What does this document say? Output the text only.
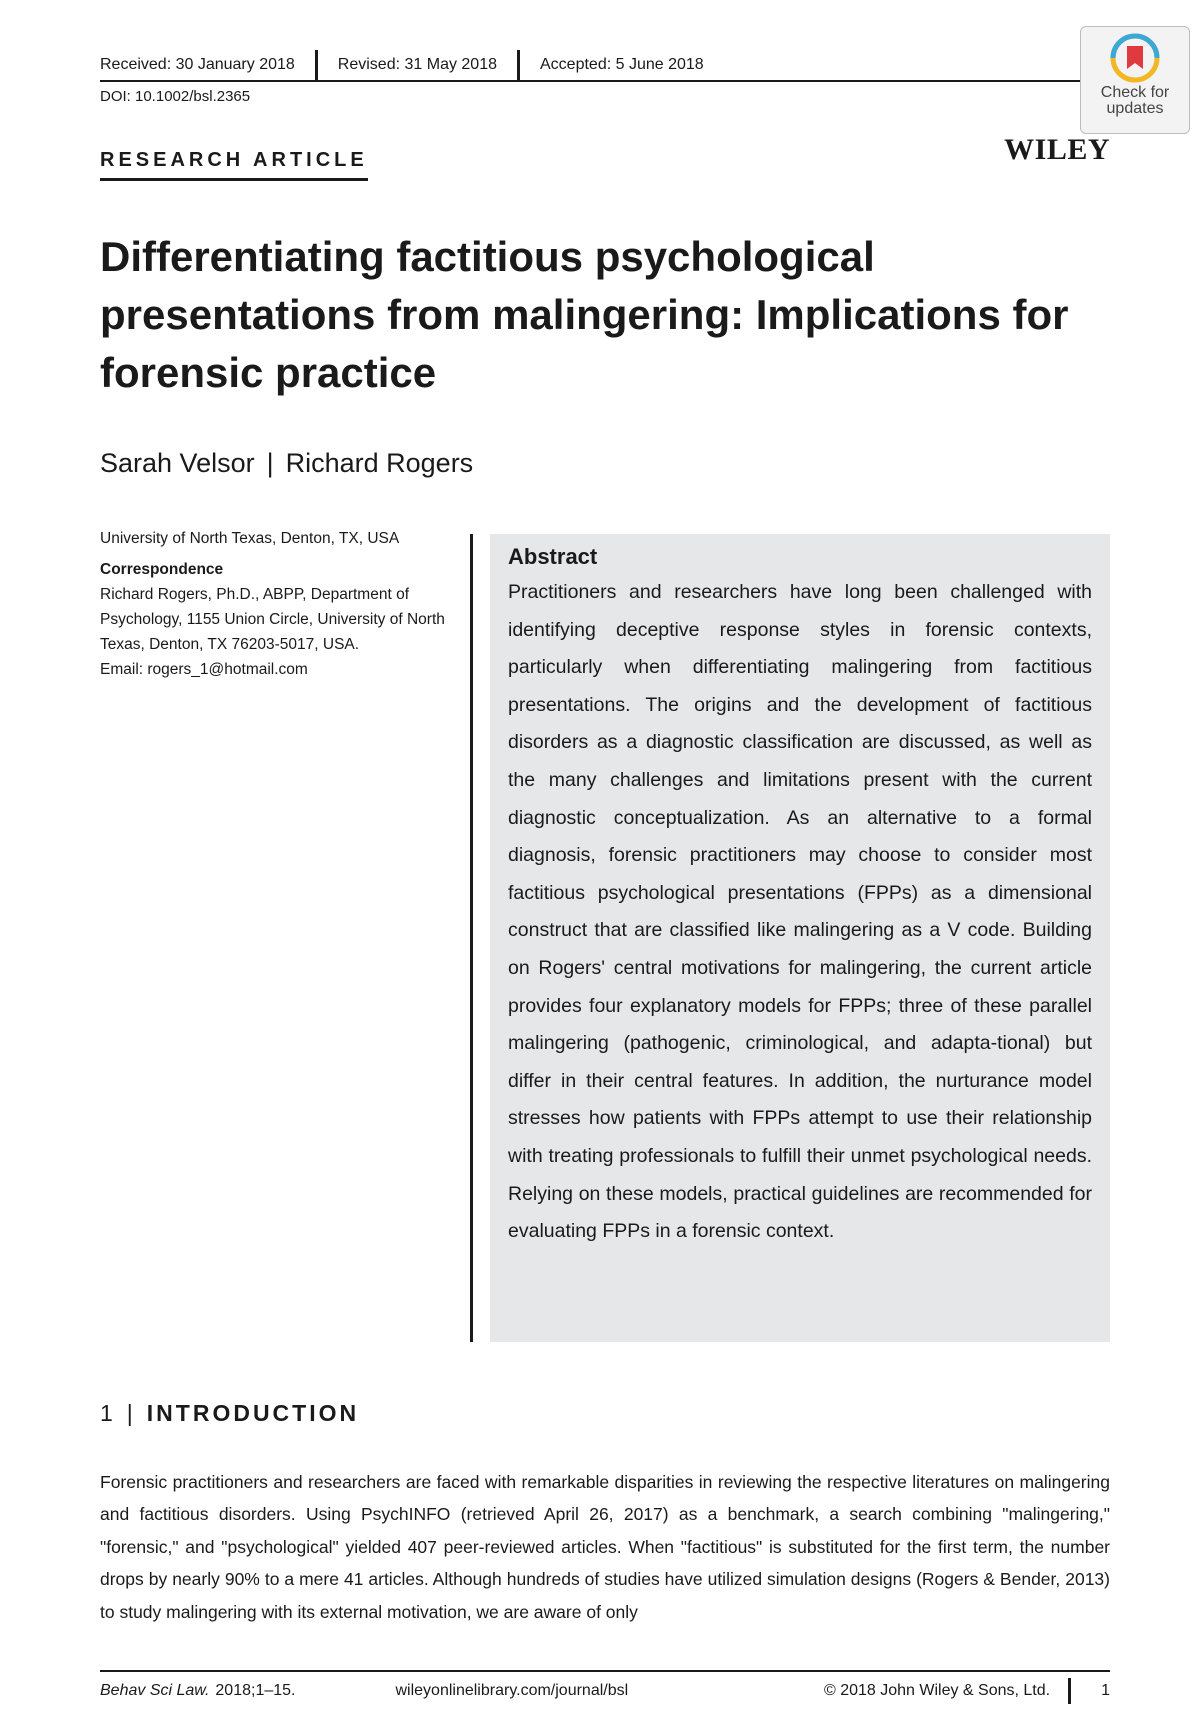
Received: 30 January 2018	Revised: 31 May 2018	Accepted: 5 June 2018
DOI: 10.1002/bsl.2365	Check for
updates
WILEY
RESEARCH ARTICLE
Differentiating factitious psychological presentations from malingering: Implications for forensic practice
Sarah Velsor | Richard Rogers
University of North Texas, Denton, TX, USA
Correspondence
Richard Rogers, Ph.D., ABPP, Department of Psychology, 1155 Union Circle, University of North Texas, Denton, TX 76203-5017, USA.
Email: rogers_1@hotmail.com
Abstract

Practitioners and researchers have long been challenged with identifying deceptive response styles in forensic contexts, particularly when differentiating malingering from factitious presentations. The origins and the development of factitious disorders as a diagnostic classification are discussed, as well as the many challenges and limitations present with the current diagnostic conceptualization. As an alternative to a formal diagnosis, forensic practitioners may choose to consider most factitious psychological presentations (FPPs) as a dimensional construct that are classified like malingering as a V code. Building on Rogers' central motivations for malingering, the current article provides four explanatory models for FPPs; three of these parallel malingering (pathogenic, criminological, and adapta-tional) but differ in their central features. In addition, the nurturance model stresses how patients with FPPs attempt to use their relationship with treating professionals to fulfill their unmet psychological needs. Relying on these models, practical guidelines are recommended for evaluating FPPs in a forensic context.

1 | INTRODUCTION

Forensic practitioners and researchers are faced with remarkable disparities in reviewing the respective literatures on malingering and factitious disorders. Using PsychINFO (retrieved April 26, 2017) as a benchmark, a search combining "malingering," "forensic," and "psychological" yielded 407 peer-reviewed articles. When "factitious" is substituted for the first term, the number drops by nearly 90% to a mere 41 articles. Although hundreds of studies have utilized simulation designs (Rogers & Bender, 2013) to study malingering with its external motivation, we are aware of only

Behav Sci Law. 2018;1–15.	wileyonlinelibrary.com/journal/bsl	© 2018 John Wiley & Sons, Ltd.	1
